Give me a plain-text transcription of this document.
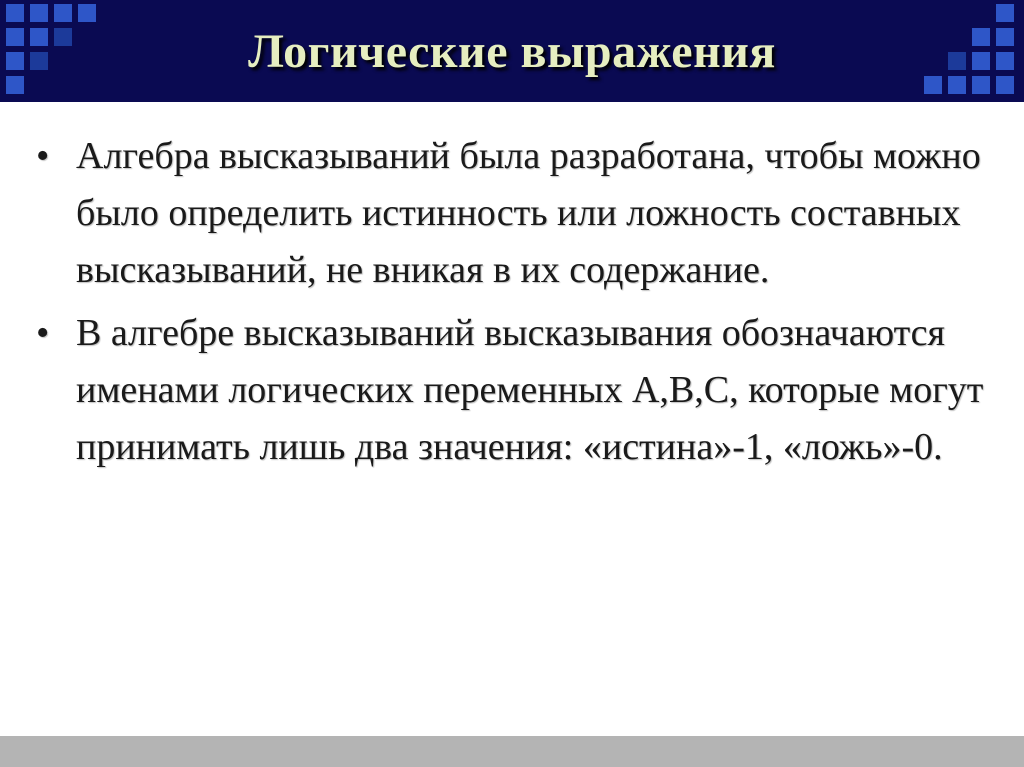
Логические выражения
• Алгебра высказываний была разработана, чтобы можно было определить истинность или ложность составных высказываний, не вникая в их содержание.
• В алгебре высказываний высказывания обозначаются именами логических переменных A,B,C, которые могут принимать лишь два значения: «истина»-1, «ложь»-0.
